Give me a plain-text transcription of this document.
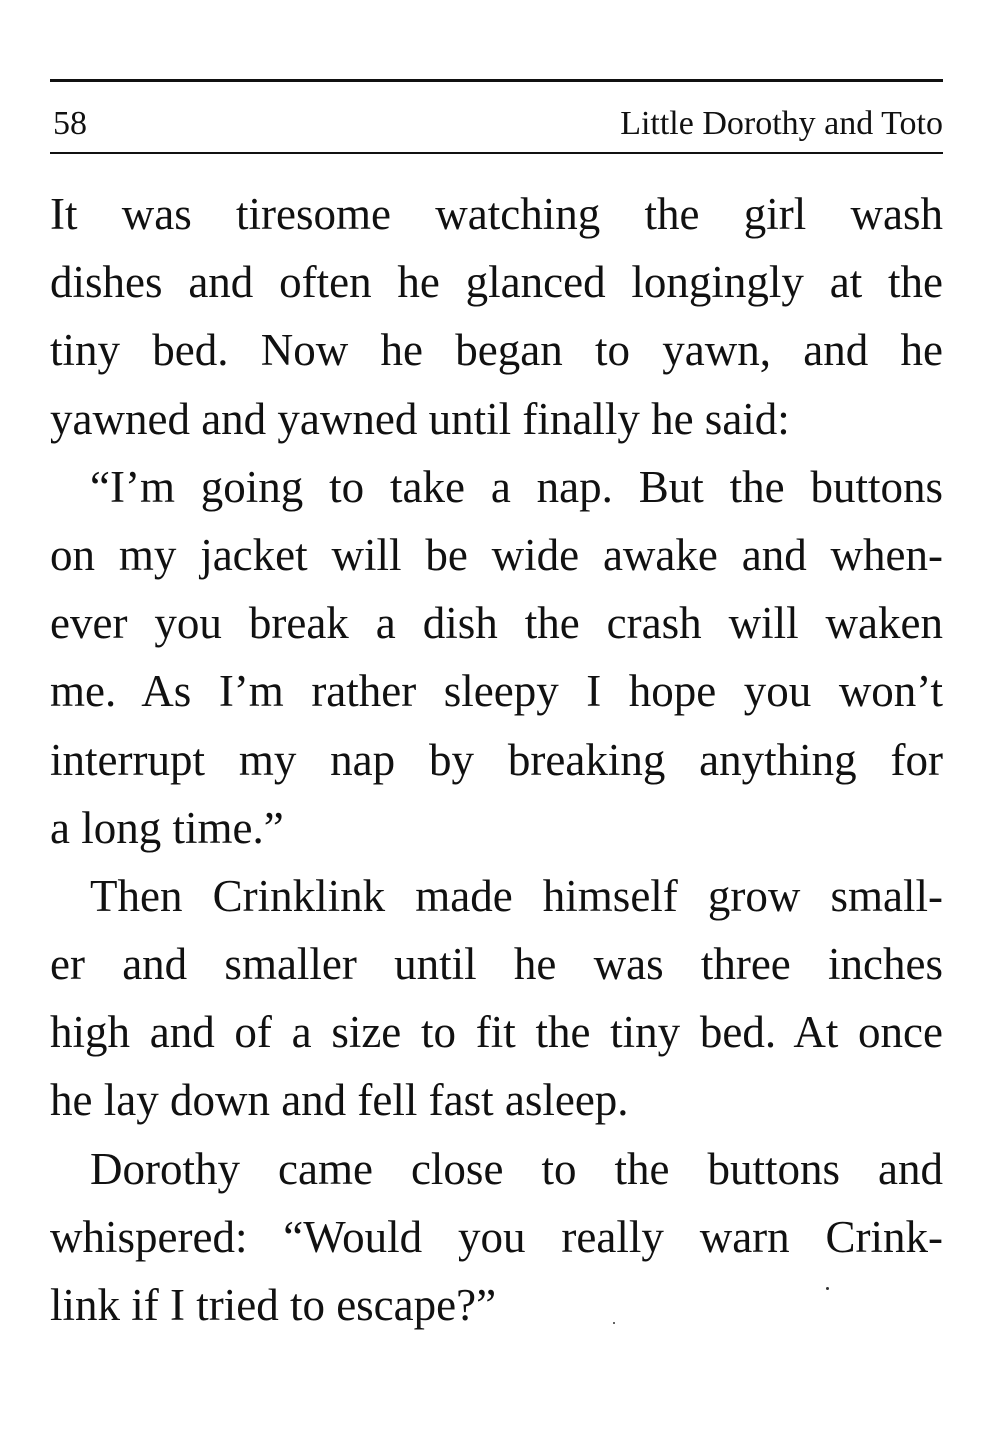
58	Little Dorothy and Toto
It was tiresome watching the girl wash
dishes and often he glanced longingly at the
tiny bed. Now he began to yawn, and he
yawned and yawned until finally he said:
“I’m going to take a nap. But the buttons
on my jacket will be wide awake and when-
ever you break a dish the crash will waken
me. As I’m rather sleepy I hope you won’t
interrupt my nap by breaking anything for
a long time.”
Then Crinklink made himself grow small-
er and smaller until he was three inches
high and of a size to fit the tiny bed. At once
he lay down and fell fast asleep.
Dorothy came close to the buttons and
whispered: “Would you really warn Crink-
link if I tried to escape?”
